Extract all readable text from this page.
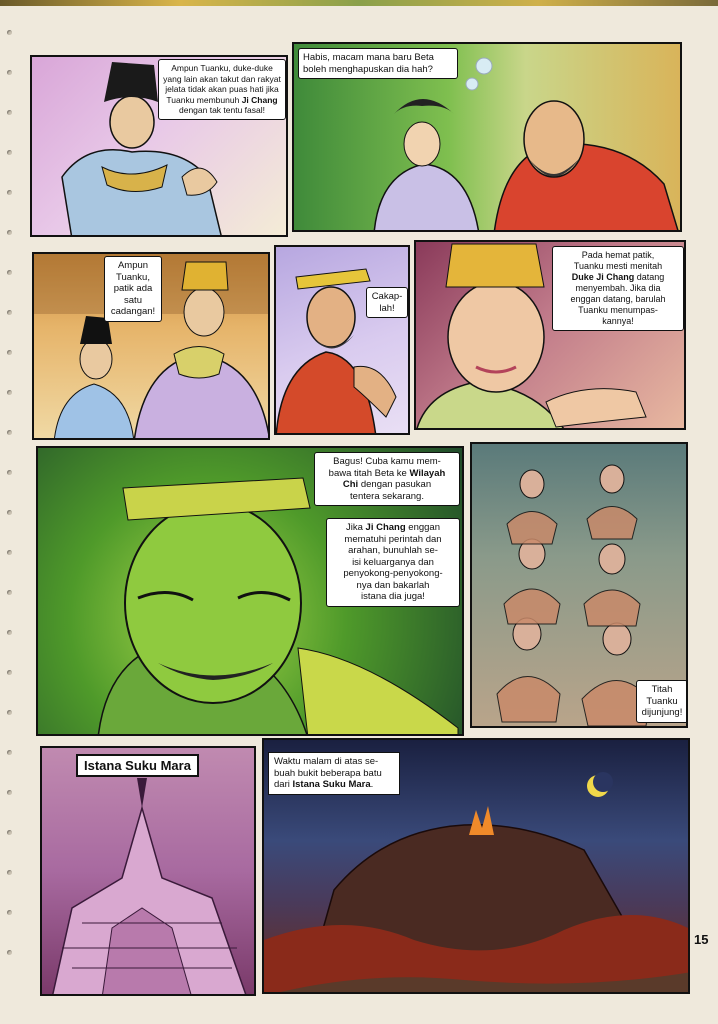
Ampun Tuanku, duke-duke
yang lain akan takut dan rakyat
jelata tidak akan puas hati jika
Tuanku membunuh Ji Chang
dengan tak tentu fasal!
Habis, macam mana baru Beta
boleh menghapuskan dia hah?
Ampun
Tuanku,
patik ada
satu
cadangan!
Cakap-
lah!
Pada hemat patik,
Tuanku mesti menitah
Duke Ji Chang datang
menyembah. Jika dia
enggan datang, barulah
Tuanku menumpas-
kannya!
Bagus! Cuba kamu mem-
bawa titah Beta ke Wilayah
Chi dengan pasukan
tentera sekarang.
Jika Ji Chang enggan
mematuhi perintah dan
arahan, bunuhlah se-
isi keluarganya dan
penyokong-penyokong-
nya dan bakarlah
istana dia juga!
Titah
Tuanku
dijunjung!
Istana Suku Mara	Waktu malam di atas se-
buah bukit beberapa batu
dari Istana Suku Mara.
15
